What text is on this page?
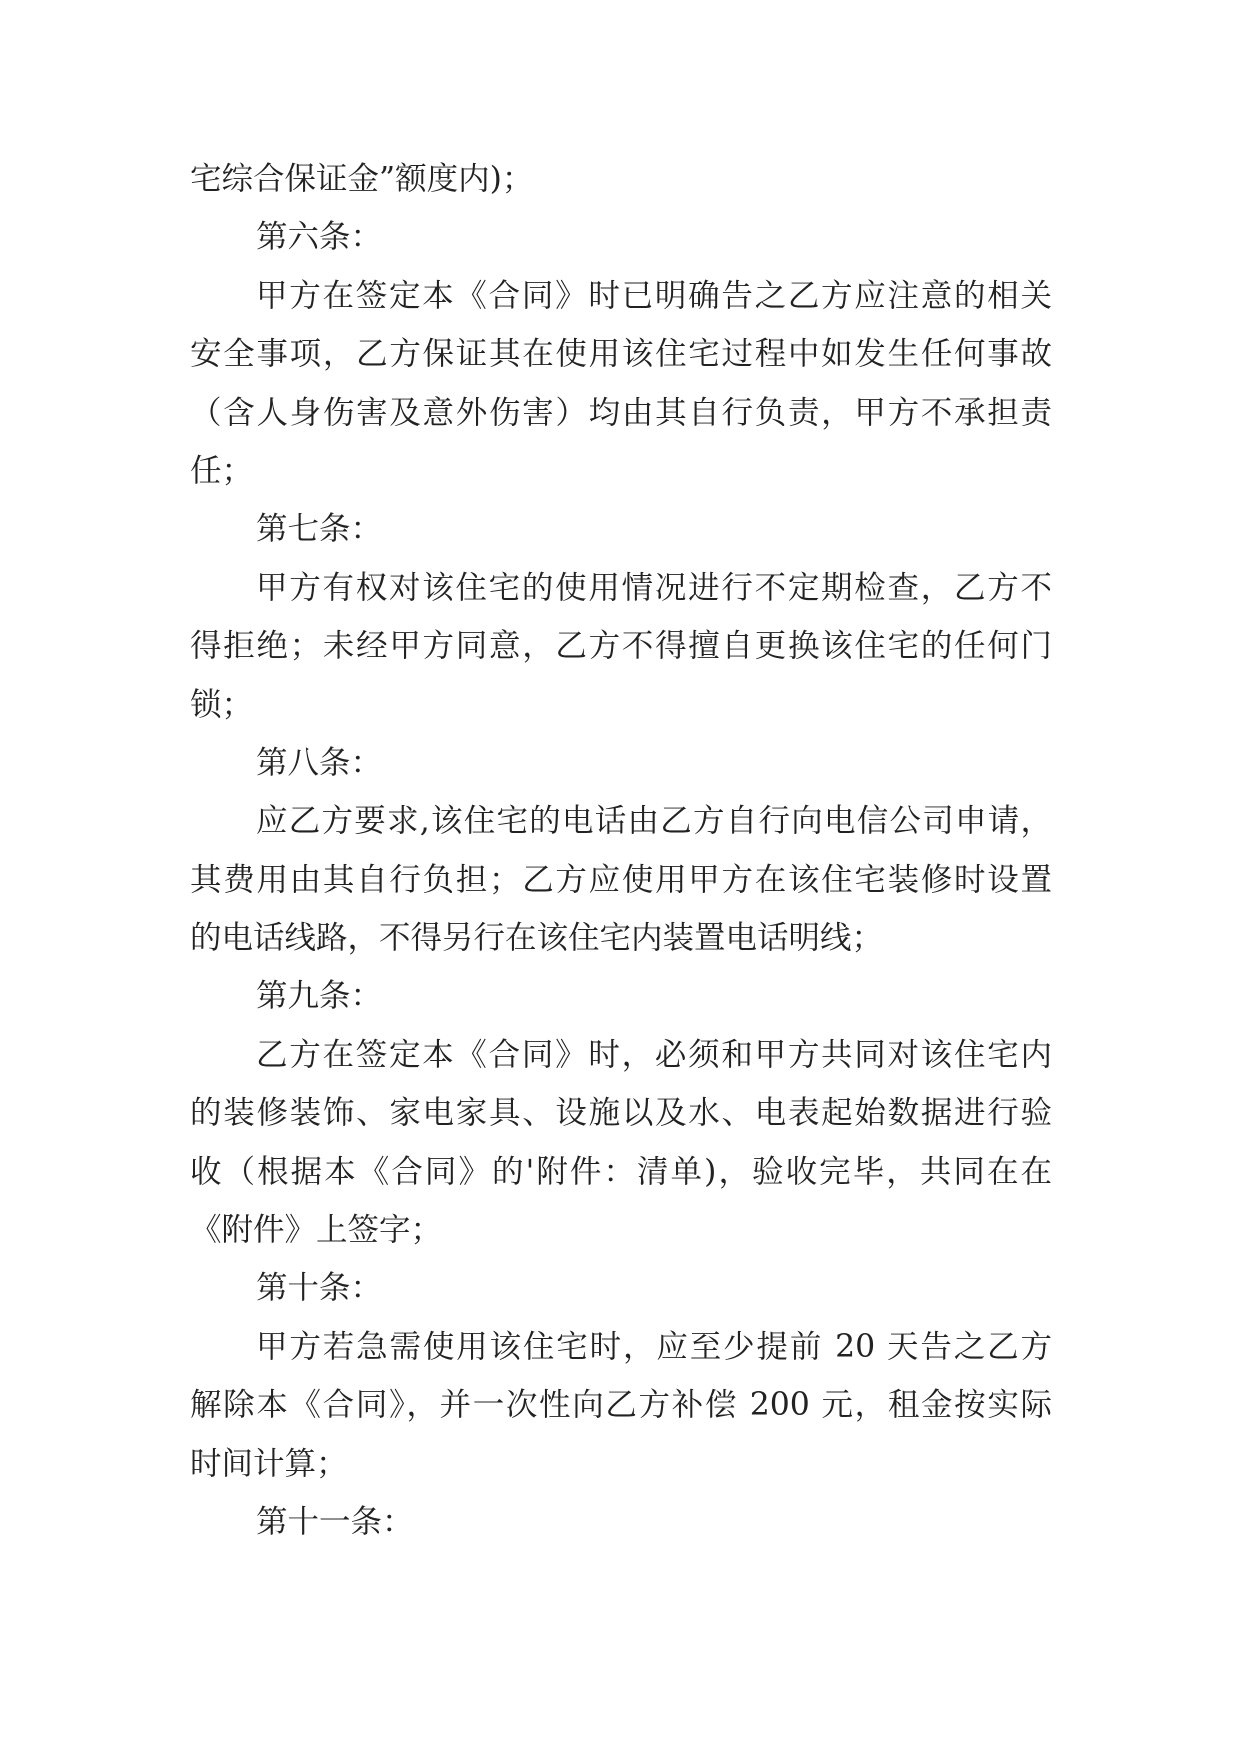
宅综合保证金”额度内)；
第六条：
甲方在签定本《合同》时已明确告之乙方应注意的相关
安全事项，乙方保证其在使用该住宅过程中如发生任何事故
（含人身伤害及意外伤害）均由其自行负责，甲方不承担责
任；
第七条：
甲方有权对该住宅的使用情况进行不定期检查，乙方不
得拒绝；未经甲方同意，乙方不得擅自更换该住宅的任何门
锁；
第八条：
应乙方要求,该住宅的电话由乙方自行向电信公司申请，
其费用由其自行负担；乙方应使用甲方在该住宅装修时设置
的电话线路，不得另行在该住宅内装置电话明线；
第九条：
乙方在签定本《合同》时，必须和甲方共同对该住宅内
的装修装饰、家电家具、设施以及水、电表起始数据进行验
收（根据本《合同》的'附件：清单)，验收完毕，共同在在
《附件》上签字；
第十条：
甲方若急需使用该住宅时，应至少提前 20 天告之乙方
解除本《合同》，并一次性向乙方补偿 200 元，租金按实际
时间计算；
第十一条：
